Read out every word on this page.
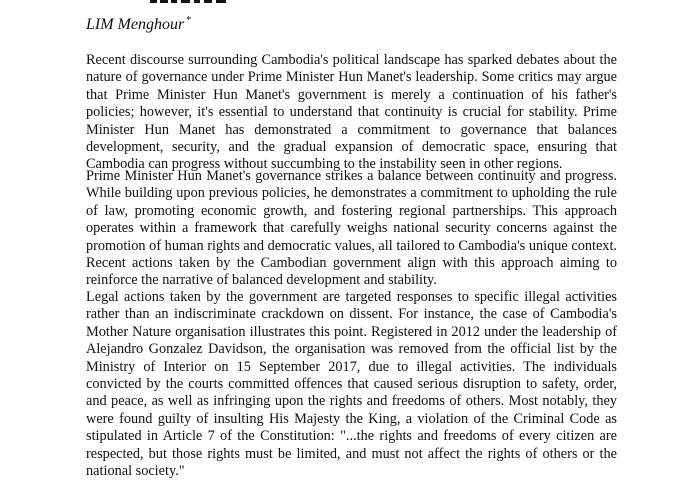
LIM Menghour *

Recent discourse surrounding Cambodia's political landscape has sparked debates about the nature of governance under Prime Minister Hun Manet's leadership. Some critics may argue that Prime Minister Hun Manet's government is merely a continuation of his father's policies; however, it's essential to understand that continuity is crucial for stability. Prime Minister Hun Manet has demonstrated a commitment to governance that balances development, security, and the gradual expansion of democratic space, ensuring that Cambodia can progress without succumbing to the instability seen in other regions.

Prime Minister Hun Manet's governance strikes a balance between continuity and progress. While building upon previous policies, he demonstrates a commitment to upholding the rule of law, promoting economic growth, and fostering regional partnerships. This approach operates within a framework that carefully weighs national security concerns against the promotion of human rights and democratic values, all tailored to Cambodia's unique context. Recent actions taken by the Cambodian government align with this approach aiming to reinforce the narrative of balanced development and stability.

Legal actions taken by the government are targeted responses to specific illegal activities rather than an indiscriminate crackdown on dissent. For instance, the case of Cambodia's Mother Nature organisation illustrates this point. Registered in 2012 under the leadership of Alejandro Gonzalez Davidson, the organisation was removed from the official list by the Ministry of Interior on 15 September 2017, due to illegal activities. The individuals convicted by the courts committed offences that caused serious disruption to safety, order, and peace, as well as infringing upon the rights and freedoms of others. Most notably, they were found guilty of insulting His Majesty the King, a violation of the Criminal Code as stipulated in Article 7 of the Constitution: "...the rights and freedoms of every citizen are respected, but those rights must be limited, and must not affect the rights of others or the national society."
